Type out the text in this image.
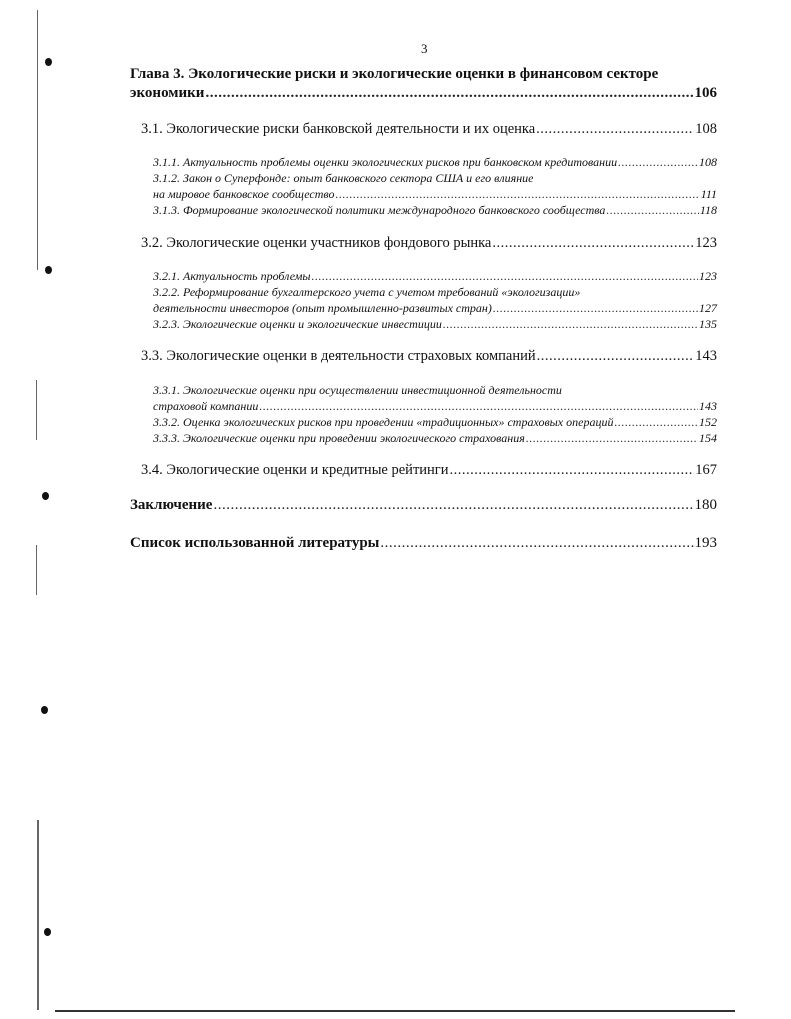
3
Глава 3. Экологические риски и экологические оценки в финансовом секторе
экономики .....	106
3.1. Экологические риски банковской деятельности и их оценка .....	108
3.1.1. Актуальность проблемы оценки экологических рисков при банковском кредитовании .....	108
3.1.2. Закон о Суперфонде: опыт банковского сектора США и его влияние
на мировое банковское сообщество .....	111
3.1.3. Формирование экологической политики международного банковского сообщества .....	118
3.2. Экологические оценки участников фондового рынка .....	123
3.2.1. Актуальность проблемы .....	123
3.2.2. Реформирование бухгалтерского учета с учетом требований «экологизации»
деятельности инвесторов (опыт промышленно-развитых стран) .....	127
3.2.3. Экологические оценки и экологические инвестиции .....	135
3.3. Экологические оценки в деятельности страховых компаний .....	143
3.3.1. Экологические оценки при осуществлении инвестиционной деятельности
страховой компании .....	143
3.3.2. Оценка экологических рисков при проведении «традиционных» страховых операций .....	152
3.3.3. Экологические оценки при проведении экологического страхования .....	154
3.4. Экологические оценки и кредитные рейтинги .....	167
Заключение .....	180
Список использованной литературы .....	193
